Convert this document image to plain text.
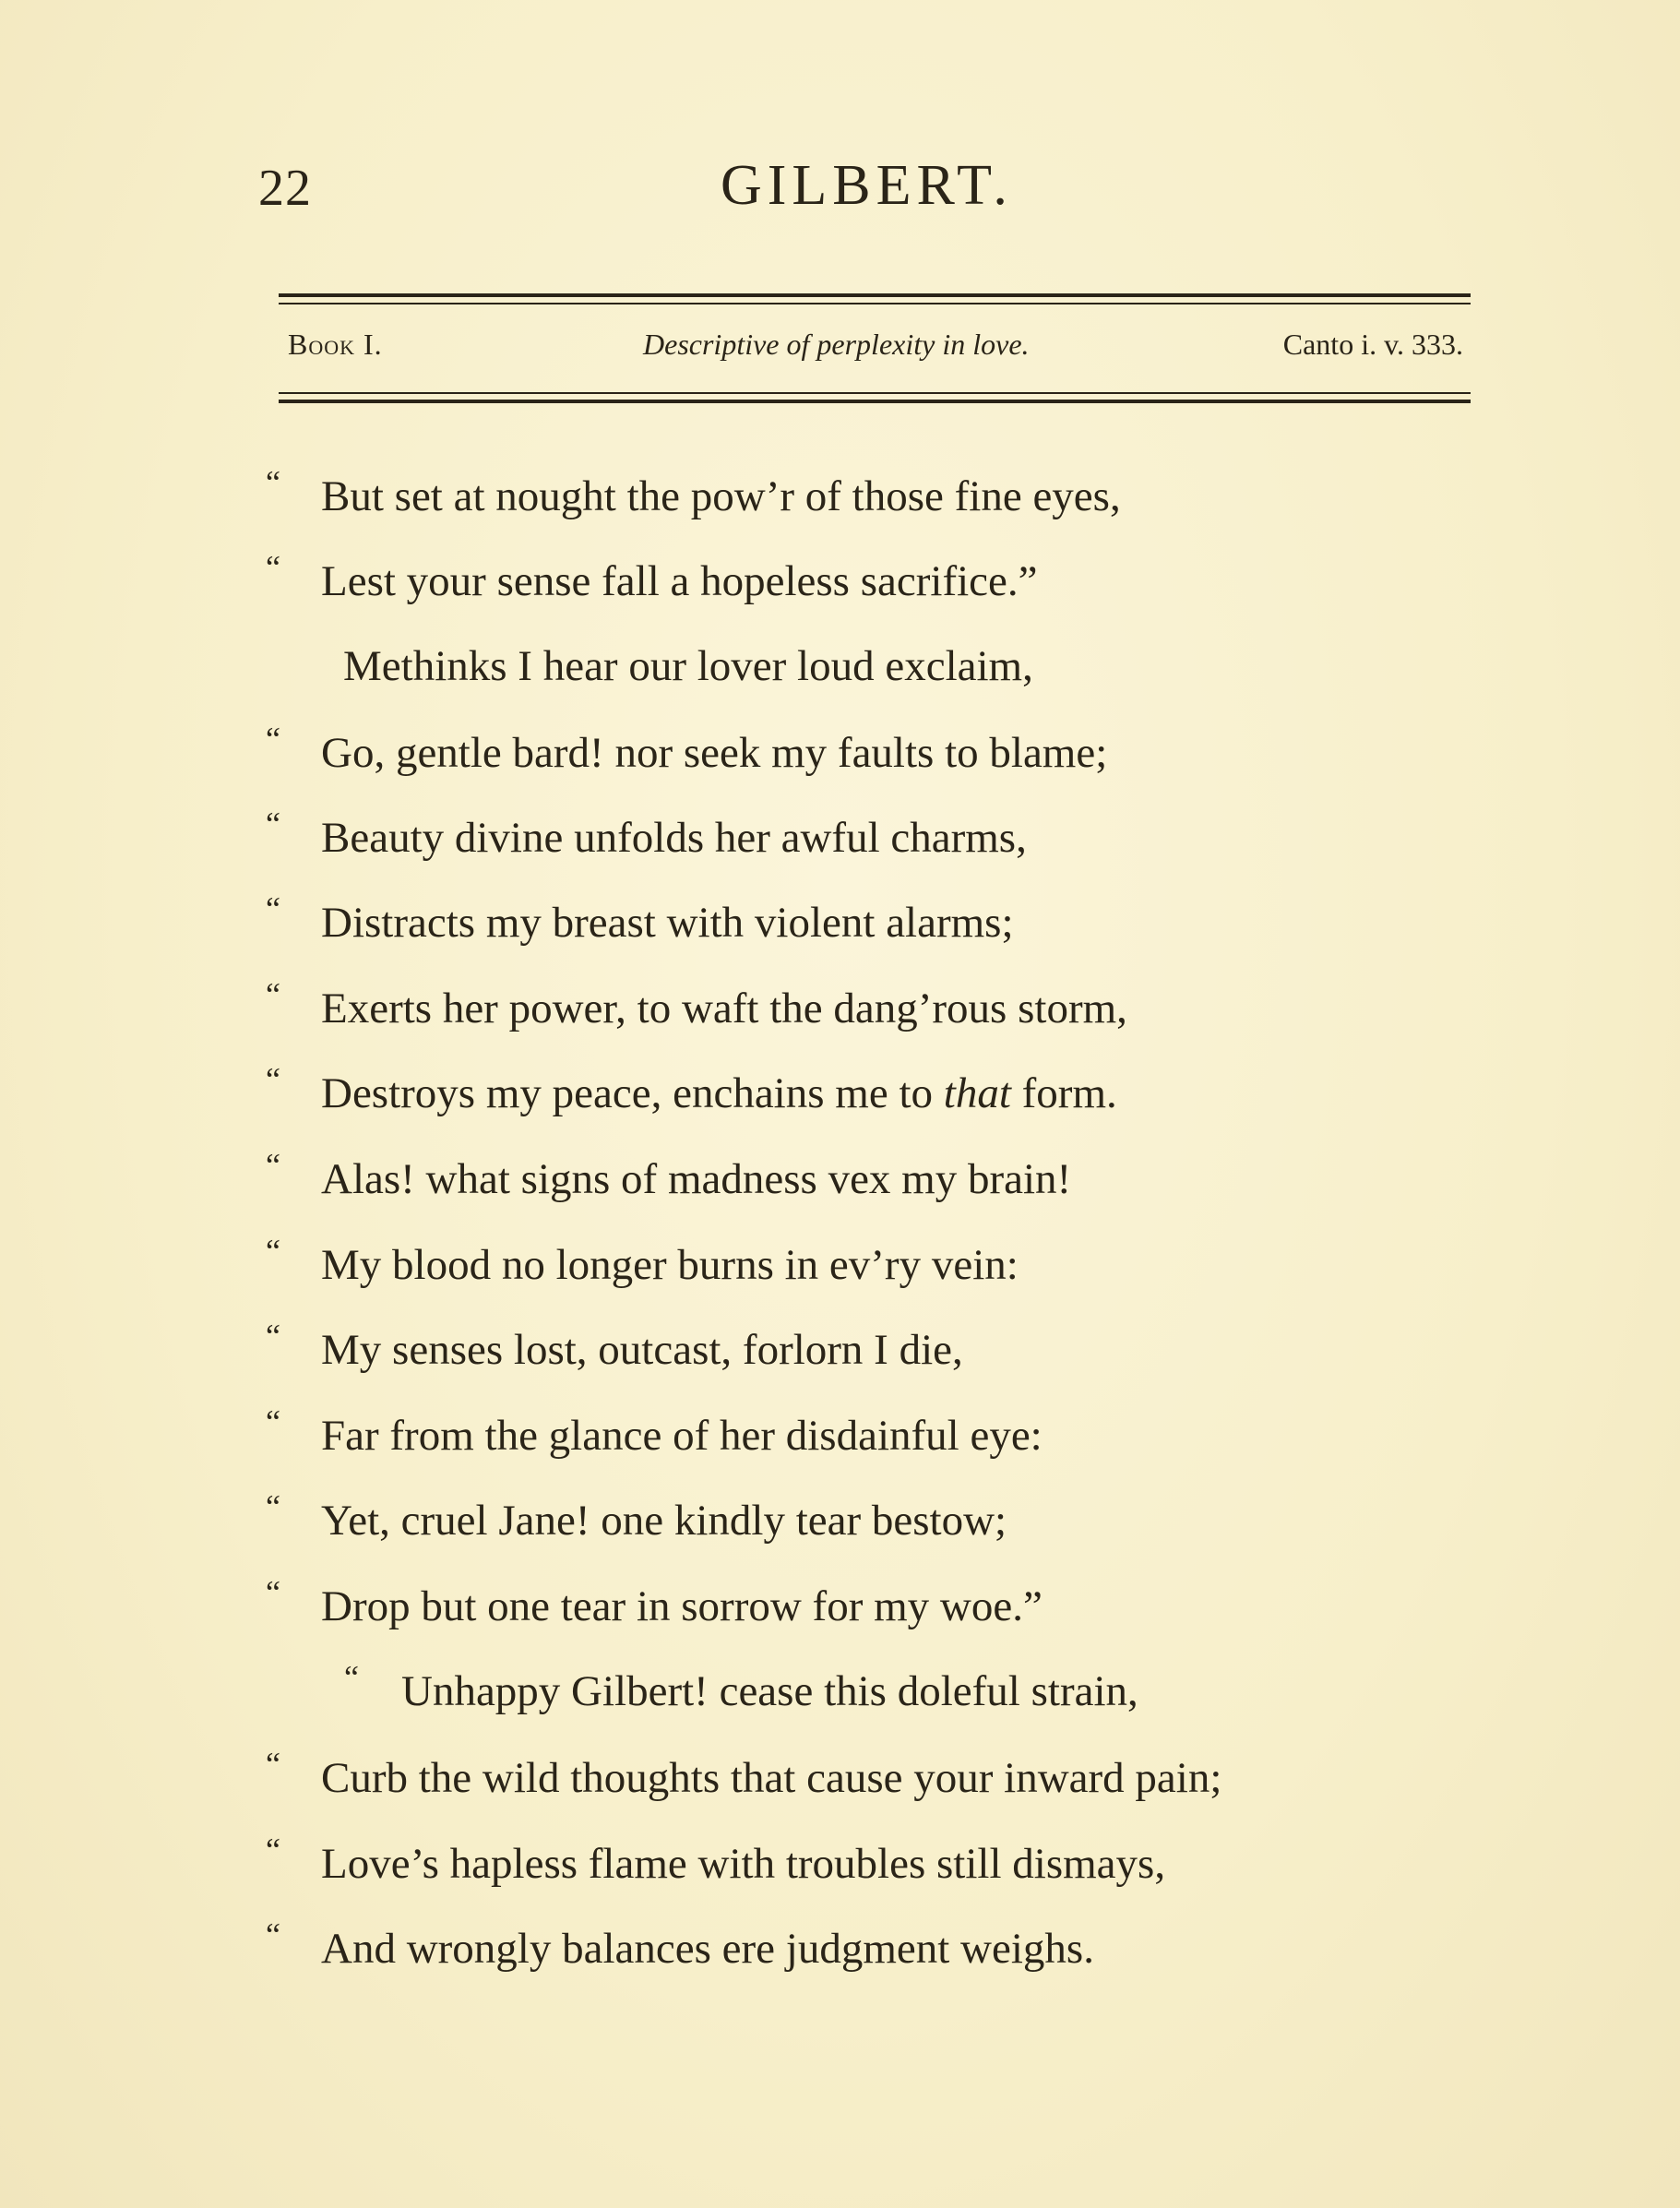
22	GILBERT.
Book I.	Descriptive of perplexity in love.	Canto i. v. 333.
“ But set at nought the pow’r of those fine eyes,
“ Lest your sense fall a hopeless sacrifice.”
Methinks I hear our lover loud exclaim,
“ Go, gentle bard! nor seek my faults to blame;
“ Beauty divine unfolds her awful charms,
“ Distracts my breast with violent alarms;
“ Exerts her power, to waft the dang’rous storm,
“ Destroys my peace, enchains me to that form.
“ Alas! what signs of madness vex my brain!
“ My blood no longer burns in ev’ry vein:
“ My senses lost, outcast, forlorn I die,
“ Far from the glance of her disdainful eye:
“ Yet, cruel Jane! one kindly tear bestow;
“ Drop but one tear in sorrow for my woe.”
“ Unhappy Gilbert! cease this doleful strain,
“ Curb the wild thoughts that cause your inward pain;
“ Love’s hapless flame with troubles still dismays,
“ And wrongly balances ere judgment weighs.
